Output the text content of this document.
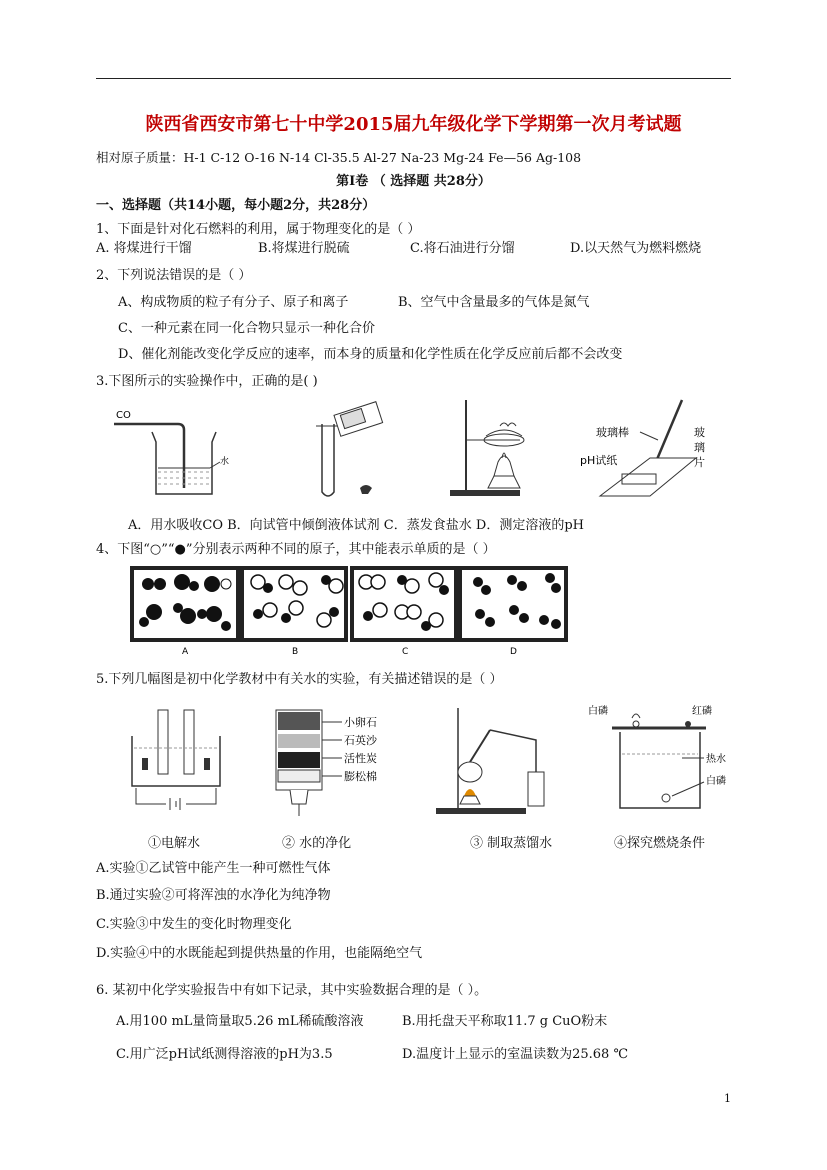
陕西省西安市第七十中学2015届九年级化学下学期第一次月考试题
相对原子质量：H-1 C-12 O-16 N-14 Cl-35.5 Al-27 Na-23 Mg-24 Fe—56 Ag-108
第Ⅰ卷 （ 选择题 共28分）
一、选择题（共14小题，每小题2分，共28分）
1、下面是针对化石燃料的利用，属于物理变化的是（ ）
A. 将煤进行干馏	B.将煤进行脱硫	C.将石油进行分馏	D.以天然气为燃料燃烧
2、下列说法错误的是（ ）
A、构成物质的粒子有分子、原子和离子	B、空气中含量最多的气体是氮气
C、一种元素在同一化合物只显示一种化合价
D、催化剂能改变化学反应的速率，而本身的质量和化学性质在化学反应前后都不会改变
3.下图所示的实验操作中，正确的是( )
CO
水
玻璃棒	玻
璃
片
pH试纸
A．用水吸收CO B．向试管中倾倒液体试剂 C．蒸发食盐水 D．测定溶液的pH
4、下图“○”“●”分别表示两种不同的原子，其中能表示单质的是（ ）
A	B	C	D
5.下列几幅图是初中化学教材中有关水的实验，有关描述错误的是（ ）
小卵石
石英沙
活性炭
膨松棉
白磷	红磷
热水
白磷
①电解水	② 水的净化	③ 制取蒸馏水	④探究燃烧条件
A.实验①乙试管中能产生一种可燃性气体
B.通过实验②可将浑浊的水净化为纯净物
C.实验③中发生的变化时物理变化
D.实验④中的水既能起到提供热量的作用，也能隔绝空气
6. 某初中化学实验报告中有如下记录，其中实验数据合理的是（ ）。
A.用100 mL量筒量取5.26 mL稀硫酸溶液	B.用托盘天平称取11.7 g CuO粉末
C.用广泛pH试纸测得溶液的pH为3.5	D.温度计上显示的室温读数为25.68 ℃
1
